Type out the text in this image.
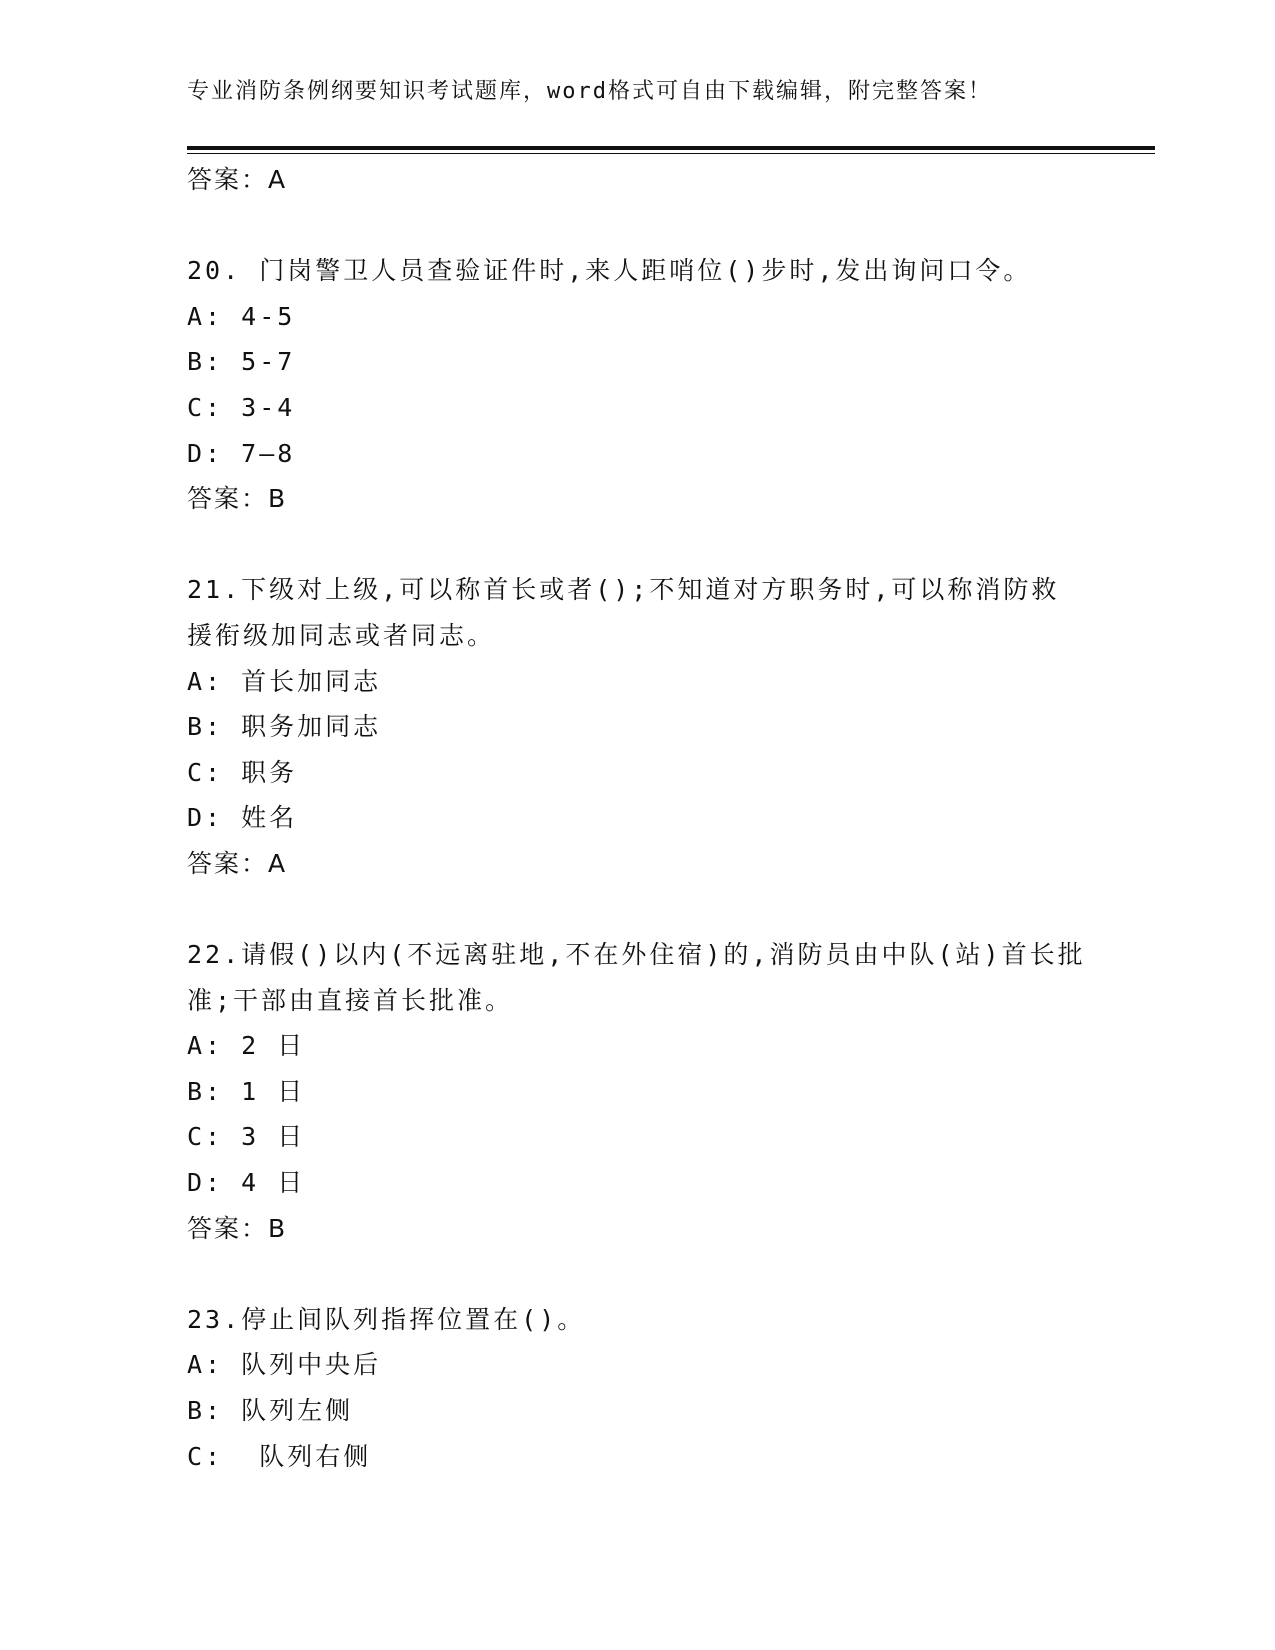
专业消防条例纲要知识考试题库，word格式可自由下载编辑，附完整答案！
答案：A
20. 门岗警卫人员查验证件时,来人距哨位()步时,发出询问口令。
A: 4-5
B: 5-7
C: 3-4
D: 7—8
答案：B
21.下级对上级,可以称首长或者();不知道对方职务时,可以称消防救
援衔级加同志或者同志。
A: 首长加同志
B: 职务加同志
C: 职务
D: 姓名
答案：A
22.请假()以内(不远离驻地,不在外住宿)的,消防员由中队(站)首长批
准;干部由直接首长批准。
A: 2 日
B: 1 日
C: 3 日
D: 4 日
答案：B
23.停止间队列指挥位置在()。
A: 队列中央后
B: 队列左侧
C:  队列右侧
